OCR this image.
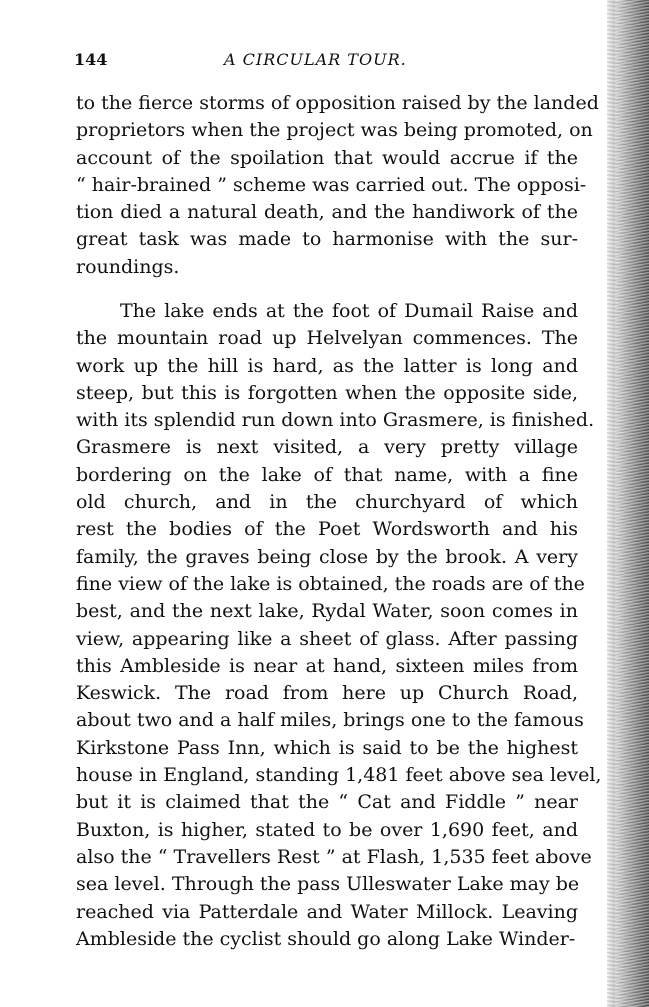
144	A CIRCULAR TOUR.
to the fierce storms of opposition raised by the landed
proprietors when the project was being promoted, on
account of the spoilation that would accrue if the
“ hair-brained ” scheme was carried out. The opposi-
tion died a natural death, and the handiwork of the
great task was made to harmonise with the sur-
roundings.
The lake ends at the foot of Dumail Raise and
the mountain road up Helvelyan commences. The
work up the hill is hard, as the latter is long and
steep, but this is forgotten when the opposite side,
with its splendid run down into Grasmere, is finished.
Grasmere is next visited, a very pretty village
bordering on the lake of that name, with a fine
old church, and in the churchyard of which
rest the bodies of the Poet Wordsworth and his
family, the graves being close by the brook. A very
fine view of the lake is obtained, the roads are of the
best, and the next lake, Rydal Water, soon comes in
view, appearing like a sheet of glass. After passing
this Ambleside is near at hand, sixteen miles from
Keswick. The road from here up Church Road,
about two and a half miles, brings one to the famous
Kirkstone Pass Inn, which is said to be the highest
house in England, standing 1,481 feet above sea level,
but it is claimed that the “ Cat and Fiddle ” near
Buxton, is higher, stated to be over 1,690 feet, and
also the “ Travellers Rest ” at Flash, 1,535 feet above
sea level. Through the pass Ulleswater Lake may be
reached via Patterdale and Water Millock. Leaving
Ambleside the cyclist should go along Lake Winder-
